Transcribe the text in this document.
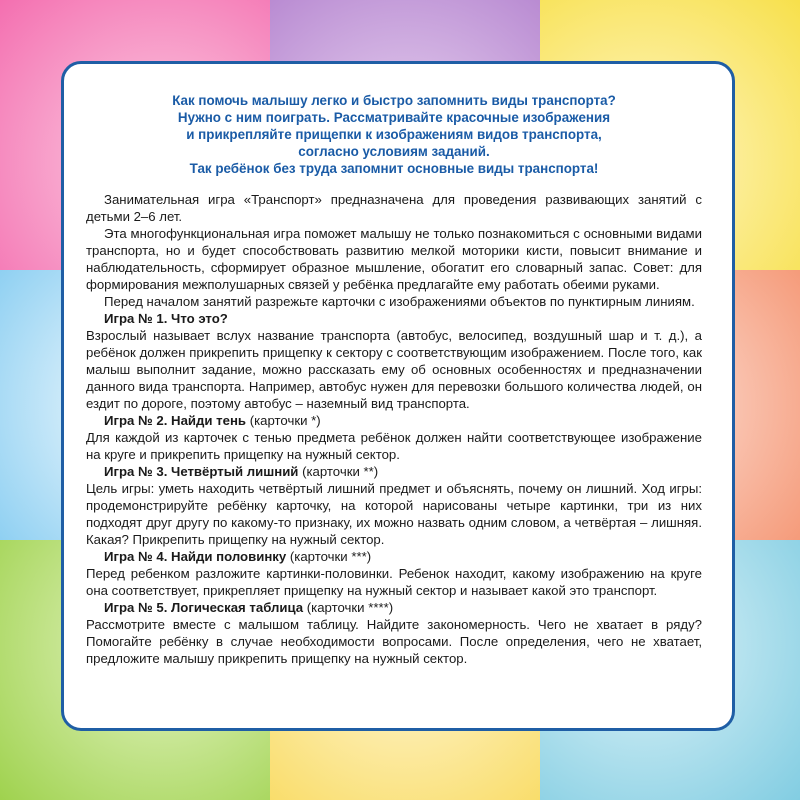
Как помочь малышу легко и быстро запомнить виды транспорта?
Нужно с ним поиграть. Рассматривайте красочные изображения
и прикрепляйте прищепки к изображениям видов транспорта,
согласно условиям заданий.
Так ребёнок без труда запомнит основные виды транспорта!

Занимательная игра «Транспорт» предназначена для проведения развивающих занятий с детьми 2–6 лет.

Эта многофункциональная игра поможет малышу не только познакомиться с основными видами транспорта, но и будет способствовать развитию мелкой моторики кисти, повысит внимание и наблюдательность, сформирует образное мышление, обогатит его словарный запас. Совет: для формирования межполушарных связей у ребёнка предлагайте ему работать обеими руками.

Перед началом занятий разрежьте карточки с изображениями объектов по пунктирным линиям.

Игра № 1. Что это?

Взрослый называет вслух название транспорта (автобус, велосипед, воздушный шар и т. д.), а ребёнок должен прикрепить прищепку к сектору с соответствующим изображением. После того, как малыш выполнит задание, можно рассказать ему об основных особенностях и предназначении данного вида транспорта. Например, автобус нужен для перевозки большого количества людей, он ездит по дороге, поэтому автобус – наземный вид транспорта.

Игра № 2. Найди тень (карточки *)

Для каждой из карточек с тенью предмета ребёнок должен найти соответствующее изображение на круге и прикрепить прищепку на нужный сектор.

Игра № 3. Четвёртый лишний (карточки **)

Цель игры: уметь находить четвёртый лишний предмет и объяснять, почему он лишний. Ход игры: продемонстрируйте ребёнку карточку, на которой нарисованы четыре картинки, три из них подходят друг другу по какому-то признаку, их можно назвать одним словом, а четвёртая – лишняя. Какая? Прикрепить прищепку на нужный сектор.

Игра № 4. Найди половинку (карточки ***)

Перед ребенком разложите картинки-половинки. Ребенок находит, какому изображению на круге она соответствует, прикрепляет прищепку на нужный сектор и называет какой это транспорт.

Игра № 5. Логическая таблица (карточки ****)

Рассмотрите вместе с малышом таблицу. Найдите закономерность. Чего не хватает в ряду? Помогайте ребёнку в случае необходимости вопросами. После определения, чего не хватает, предложите малышу прикрепить прищепку на нужный сектор.
